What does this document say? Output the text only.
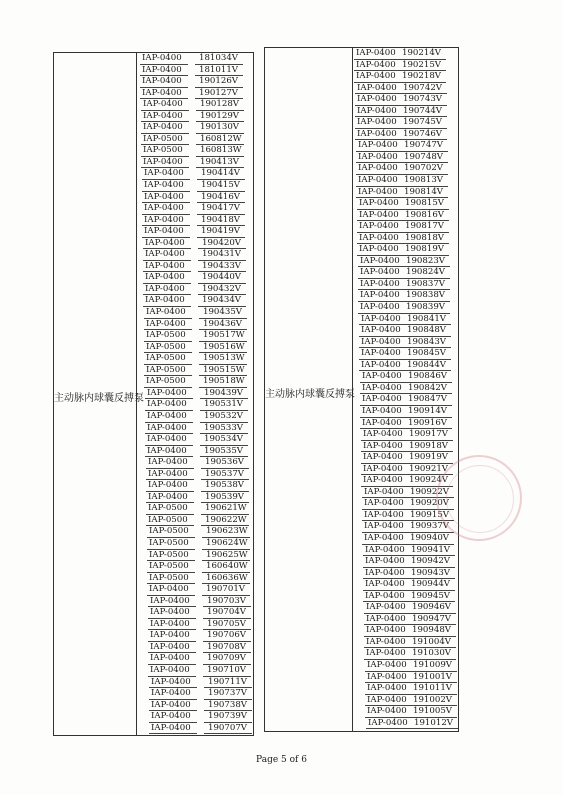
主动脉内球囊反搏泵
IAP-0400 181034V
IAP-0400 181011V
IAP-0400 190126V
IAP-0400 190127V
IAP-0400 190128V
IAP-0400 190129V
IAP-0400 190130V
IAP-0500 160812W
IAP-0500 160813W
IAP-0400 190413V
IAP-0400 190414V
IAP-0400 190415V
IAP-0400 190416V
IAP-0400 190417V
IAP-0400 190418V
IAP-0400 190419V
IAP-0400 190420V
IAP-0400 190431V
IAP-0400 190433V
IAP-0400 190440V
IAP-0400 190432V
IAP-0400 190434V
IAP-0400 190435V
IAP-0400 190436V
IAP-0500 190517W
IAP-0500 190516W
IAP-0500 190513W
IAP-0500 190515W
IAP-0500 190518W
IAP-0400 190439V
IAP-0400 190531V
IAP-0400 190532V
IAP-0400 190533V
IAP-0400 190534V
IAP-0400 190535V
IAP-0400 190536V
IAP-0400 190537V
IAP-0400 190538V
IAP-0400 190539V
IAP-0500 190621W
IAP-0500 190622W
IAP-0500 190623W
IAP-0500 190624W
IAP-0500 190625W
IAP-0500 160640W
IAP-0500 160636W
IAP-0400 190701V
IAP-0400 190703V
IAP-0400 190704V
IAP-0400 190705V
IAP-0400 190706V
IAP-0400 190708V
IAP-0400 190709V
IAP-0400 190710V
IAP-0400 190711V
IAP-0400 190737V
IAP-0400 190738V
IAP-0400 190739V
IAP-0400 190707V
主动脉内球囊反搏泵
IAP-0400 190214V
IAP-0400 190215V
IAP-0400 190218V
IAP-0400 190742V
IAP-0400 190743V
IAP-0400 190744V
IAP-0400 190745V
IAP-0400 190746V
IAP-0400 190747V
IAP-0400 190748V
IAP-0400 190702V
IAP-0400 190813V
IAP-0400 190814V
IAP-0400 190815V
IAP-0400 190816V
IAP-0400 190817V
IAP-0400 190818V
IAP-0400 190819V
IAP-0400 190823V
IAP-0400 190824V
IAP-0400 190837V
IAP-0400 190838V
IAP-0400 190839V
IAP-0400 190841V
IAP-0400 190848V
IAP-0400 190843V
IAP-0400 190845V
IAP-0400 190844V
IAP-0400 190846V
IAP-0400 190842V
IAP-0400 190847V
IAP-0400 190914V
IAP-0400 190916V
IAP-0400 190917V
IAP-0400 190918V
IAP-0400 190919V
IAP-0400 190921V
IAP-0400 190924V
IAP-0400 190922V
IAP-0400 190920V
IAP-0400 190915V
IAP-0400 190937V
IAP-0400 190940V
IAP-0400 190941V
IAP-0400 190942V
IAP-0400 190943V
IAP-0400 190944V
IAP-0400 190945V
IAP-0400 190946V
IAP-0400 190947V
IAP-0400 190948V
IAP-0400 191004V
IAP-0400 191030V
IAP-0400 191009V
IAP-0400 191001V
IAP-0400 191011V
IAP-0400 191002V
IAP-0400 191005V
IAP-0400 191012V
Page 5 of 6
